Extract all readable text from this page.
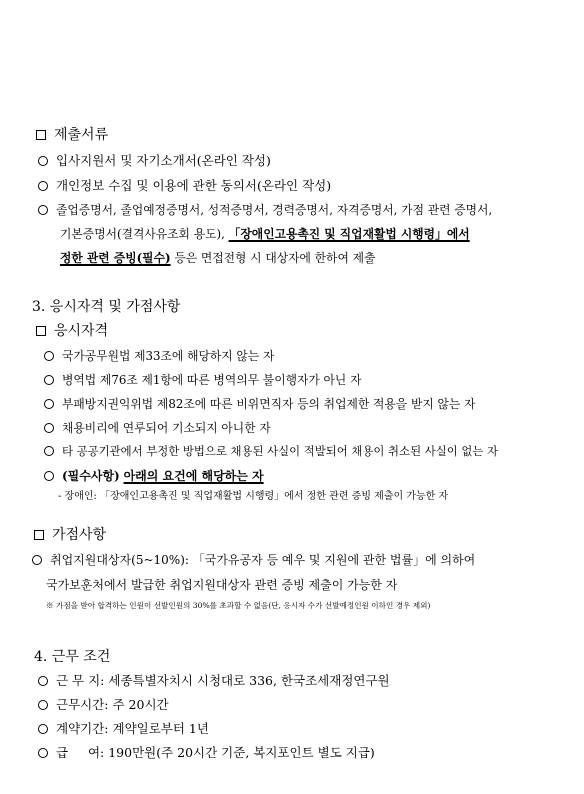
제출서류
입사지원서 및 자기소개서(온라인 작성)
개인정보 수집 및 이용에 관한 동의서(온라인 작성)
졸업증명서, 졸업예정증명서, 성적증명서, 경력증명서, 자격증명서, 가점 관련 증명서,
기본증명서(결격사유조회 용도), 「장애인고용촉진 및 직업재활법 시행령」에서
정한 관련 증빙(필수) 등은 면접전형 시 대상자에 한하여 제출
3. 응시자격 및 가점사항
응시자격
국가공무원법 제33조에 해당하지 않는 자
병역법 제76조 제1항에 따른 병역의무 불이행자가 아닌 자
부패방지권익위법 제82조에 따른 비위면직자 등의 취업제한 적용을 받지 않는 자
채용비리에 연루되어 기소되지 아니한 자
타 공공기관에서 부정한 방법으로 채용된 사실이 적발되어 채용이 취소된 사실이 없는 자
(필수사항) 아래의 요건에 해당하는 자
- 장애인: 「장애인고용촉진 및 직업재활법 시행령」에서 정한 관련 증빙 제출이 가능한 자
가점사항
취업지원대상자(5~10%): 「국가유공자 등 예우 및 지원에 관한 법률」에 의하여
국가보훈처에서 발급한 취업지원대상자 관련 증빙 제출이 가능한 자
※ 가점을 받아 합격하는 인원이 선발인원의 30%를 초과할 수 없음(단, 응시자 수가 선발예정인원 이하인 경우 제외)
4. 근무 조건
근 무 지: 세종특별자치시 시청대로 336, 한국조세재정연구원
근무시간: 주 20시간
계약기간: 계약일로부터 1년
급     여: 190만원(주 20시간 기준, 복지포인트 별도 지급)
